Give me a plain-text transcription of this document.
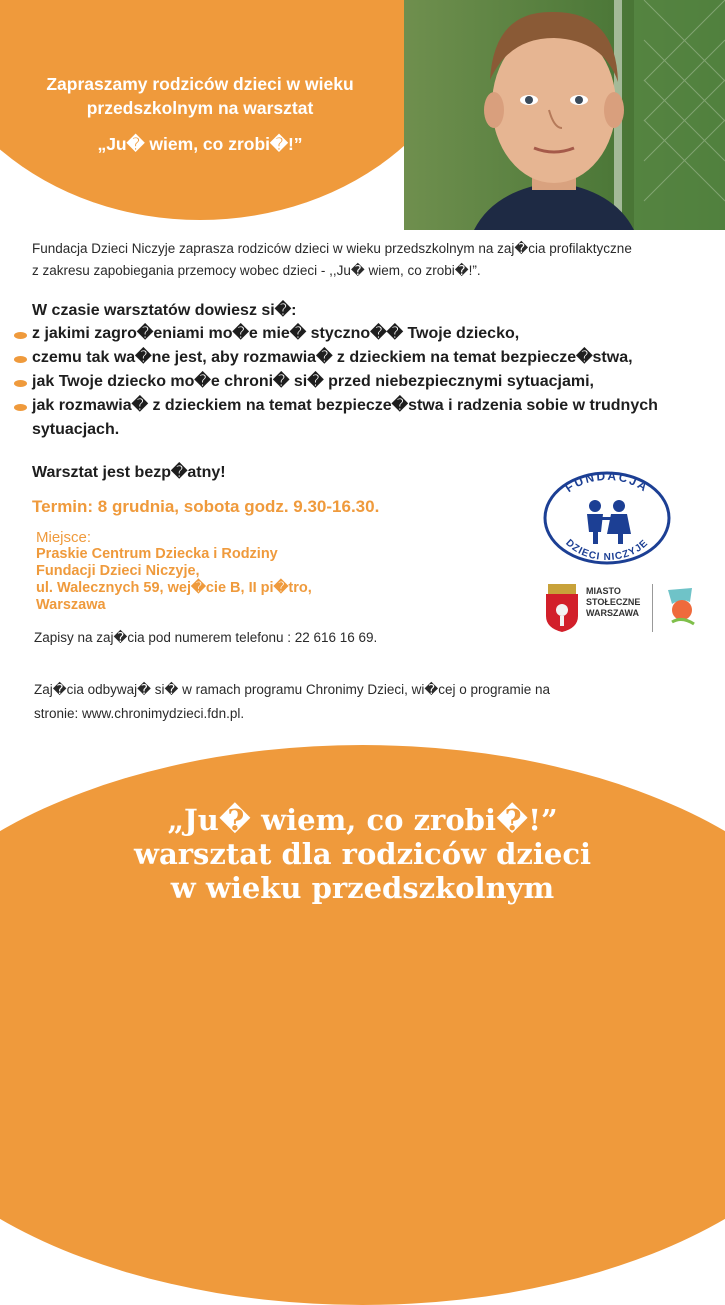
Zapraszamy rodziców dzieci w wieku
przedszkolnym na warsztat
„Ju� wiem, co zrobi�!”
Fundacja Dzieci Niczyje zaprasza rodziców dzieci w wieku przedszkolnym na zaj�cia profilaktyczne
z zakresu zapobiegania przemocy wobec dzieci - ,,Ju� wiem, co zrobi�!”.
W czasie warsztatów dowiesz si�:
z jakimi zagro�eniami mo�e mie� styczno�� Twoje dziecko,
czemu tak wa�ne jest, aby rozmawia� z dzieckiem na temat bezpiecze�stwa,
jak Twoje dziecko mo�e chroni� si� przed niebezpiecznymi sytuacjami,
jak rozmawia� z dzieckiem na temat bezpiecze�stwa i radzenia sobie w trudnych sytuacjach.
Warsztat jest bezp�atny!
Termin: 8 grudnia, sobota godz. 9.30-16.30.
Miejsce:
Praskie Centrum Dziecka i Rodziny
Fundacji Dzieci Niczyje,
ul. Walecznych 59, wej�cie B, II pi�tro,
Warszawa
Zapisy na zaj�cia pod numerem telefonu : 22 616 16 69.
Zaj�cia odbywaj� si� w ramach programu Chronimy Dzieci, wi�cej o programie na
stronie: www.chronimydzieci.fdn.pl.
FUNDACJA
DZIECI NICZYJE
MIASTO
STOŁECZNE
WARSZAWA
„Ju� wiem, co zrobi�!”
warsztat dla rodziców dzieci
w wieku przedszkolnym
